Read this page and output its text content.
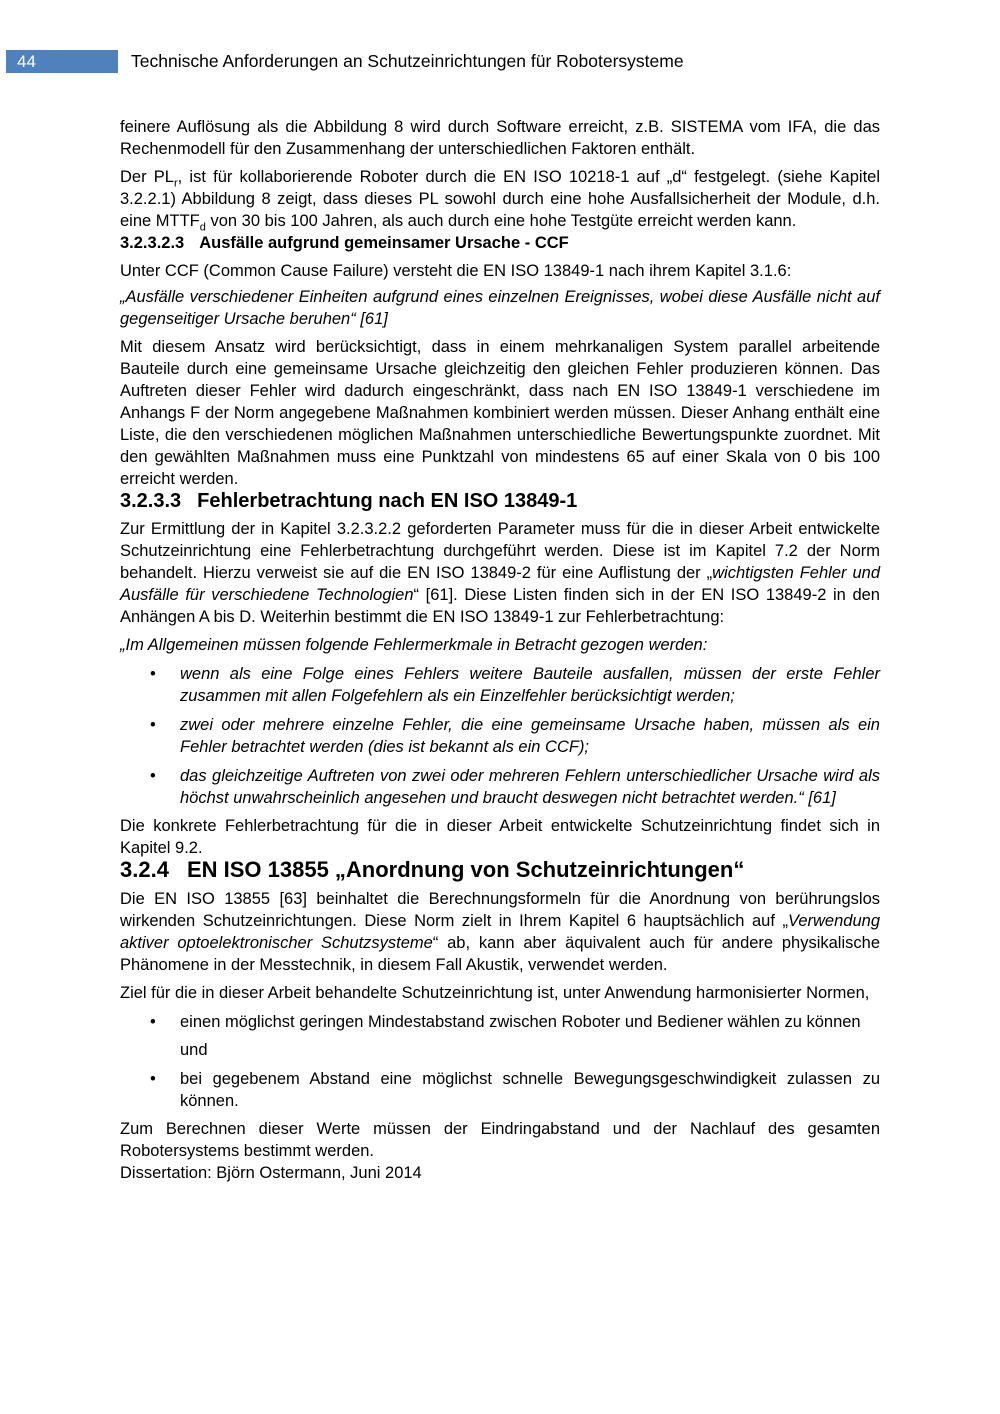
44	Technische Anforderungen an Schutzeinrichtungen für Robotersysteme

feinere Auflösung als die Abbildung 8 wird durch Software erreicht, z.B. SISTEMA vom IFA, die das Rechenmodell für den Zusammenhang der unterschiedlichen Faktoren enthält.

Der $PL_r$, ist für kollaborierende Roboter durch die EN ISO 10218-1 auf „d“ festgelegt. (siehe Kapitel 3.2.2.1) Abbildung 8 zeigt, dass dieses PL sowohl durch eine hohe Ausfallsicherheit der Module, d.h. eine $MTTF_d$ von 30 bis 100 Jahren, als auch durch eine hohe Testgüte erreicht werden kann.

3.2.3.2.3 Ausfälle aufgrund gemeinsamer Ursache - CCF

Unter CCF (Common Cause Failure) versteht die EN ISO 13849-1 nach ihrem Kapitel 3.1.6:

„Ausfälle verschiedener Einheiten aufgrund eines einzelnen Ereignisses, wobei diese Ausfälle nicht auf gegenseitiger Ursache beruhen“ [61]

Mit diesem Ansatz wird berücksichtigt, dass in einem mehrkanaligen System parallel arbeitende Bauteile durch eine gemeinsame Ursache gleichzeitig den gleichen Fehler produzieren können. Das Auftreten dieser Fehler wird dadurch eingeschränkt, dass nach EN ISO 13849-1 verschiedene im Anhangs F der Norm angegebene Maßnahmen kombiniert werden müssen. Dieser Anhang enthält eine Liste, die den verschiedenen möglichen Maßnahmen unterschiedliche Bewertungspunkte zuordnet. Mit den gewählten Maßnahmen muss eine Punktzahl von mindestens 65 auf einer Skala von 0 bis 100 erreicht werden.

3.2.3.3 Fehlerbetrachtung nach EN ISO 13849-1

Zur Ermittlung der in Kapitel 3.2.3.2.2 geforderten Parameter muss für die in dieser Arbeit entwickelte Schutzeinrichtung eine Fehlerbetrachtung durchgeführt werden. Diese ist im Kapitel 7.2 der Norm behandelt. Hierzu verweist sie auf die EN ISO 13849-2 für eine Auflistung der „wichtigsten Fehler und Ausfälle für verschiedene Technologien“ [61]. Diese Listen finden sich in der EN ISO 13849-2 in den Anhängen A bis D. Weiterhin bestimmt die EN ISO 13849-1 zur Fehlerbetrachtung:

„Im Allgemeinen müssen folgende Fehlermerkmale in Betracht gezogen werden:

•	wenn als eine Folge eines Fehlers weitere Bauteile ausfallen, müssen der erste Fehler zusammen mit allen Folgefehlern als ein Einzelfehler berücksichtigt werden;
•	zwei oder mehrere einzelne Fehler, die eine gemeinsame Ursache haben, müssen als ein Fehler betrachtet werden (dies ist bekannt als ein CCF);
•	das gleichzeitige Auftreten von zwei oder mehreren Fehlern unterschiedlicher Ursache wird als höchst unwahrscheinlich angesehen und braucht deswegen nicht betrachtet werden.“ [61]

Die konkrete Fehlerbetrachtung für die in dieser Arbeit entwickelte Schutzeinrichtung findet sich in Kapitel 9.2.

3.2.4 EN ISO 13855 „Anordnung von Schutzeinrichtungen“

Die EN ISO 13855 [63] beinhaltet die Berechnungsformeln für die Anordnung von berührungslos wirkenden Schutzeinrichtungen. Diese Norm zielt in Ihrem Kapitel 6 hauptsächlich auf „Verwendung aktiver optoelektronischer Schutzsysteme“ ab, kann aber äquivalent auch für andere physikalische Phänomene in der Messtechnik, in diesem Fall Akustik, verwendet werden.

Ziel für die in dieser Arbeit behandelte Schutzeinrichtung ist, unter Anwendung harmonisierter Normen,

•	einen möglichst geringen Mindestabstand zwischen Roboter und Bediener wählen zu können

und

•	bei gegebenem Abstand eine möglichst schnelle Bewegungsgeschwindigkeit zulassen zu können.

Zum Berechnen dieser Werte müssen der Eindringabstand und der Nachlauf des gesamten Robotersystems bestimmt werden.

Dissertation: Björn Ostermann, Juni 2014
